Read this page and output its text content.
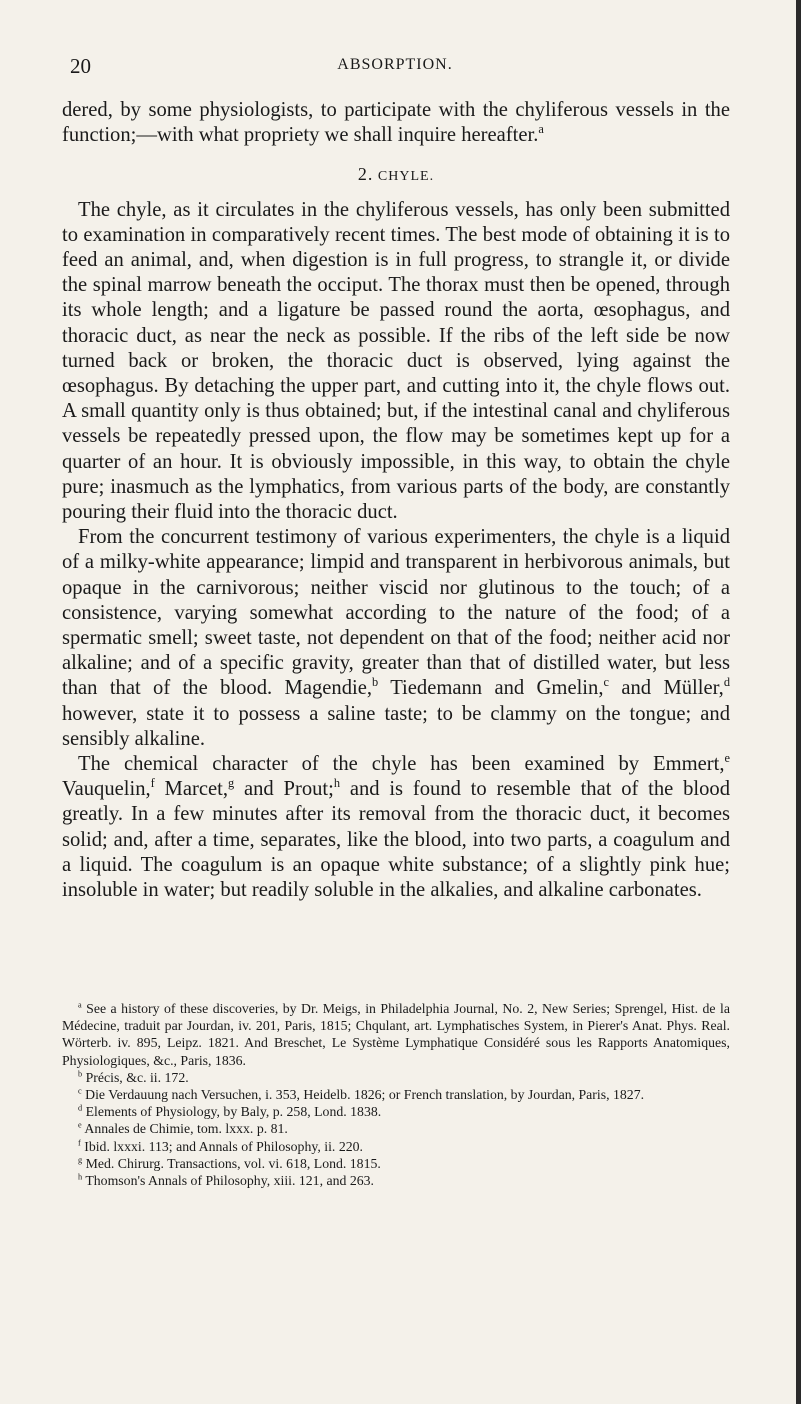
20	ABSORPTION.

dered, by some physiologists, to participate with the chyliferous vessels in the function;—with what propriety we shall inquire hereafter.$^a$

2. CHYLE.

The chyle, as it circulates in the chyliferous vessels, has only been submitted to examination in comparatively recent times. The best mode of obtaining it is to feed an animal, and, when digestion is in full progress, to strangle it, or divide the spinal marrow beneath the occiput. The thorax must then be opened, through its whole length; and a ligature be passed round the aorta, œsophagus, and thoracic duct, as near the neck as possible. If the ribs of the left side be now turned back or broken, the thoracic duct is observed, lying against the œsophagus. By detaching the upper part, and cutting into it, the chyle flows out. A small quantity only is thus obtained; but, if the intestinal canal and chyliferous vessels be repeatedly pressed upon, the flow may be sometimes kept up for a quarter of an hour. It is obviously impossible, in this way, to obtain the chyle pure; inasmuch as the lymphatics, from various parts of the body, are constantly pouring their fluid into the thoracic duct.

From the concurrent testimony of various experimenters, the chyle is a liquid of a milky-white appearance; limpid and transparent in herbivorous animals, but opaque in the carnivorous; neither viscid nor glutinous to the touch; of a consistence, varying somewhat according to the nature of the food; of a spermatic smell; sweet taste, not dependent on that of the food; neither acid nor alkaline; and of a specific gravity, greater than that of distilled water, but less than that of the blood. Magendie,$^b$ Tiedemann and Gmelin,$^c$ and Müller,$^d$ however, state it to possess a saline taste; to be clammy on the tongue; and sensibly alkaline.

The chemical character of the chyle has been examined by Emmert,$^e$ Vauquelin,$^f$ Marcet,$^g$ and Prout;$^h$ and is found to resemble that of the blood greatly. In a few minutes after its removal from the thoracic duct, it becomes solid; and, after a time, separates, like the blood, into two parts, a coagulum and a liquid. The coagulum is an opaque white substance; of a slightly pink hue; insoluble in water; but readily soluble in the alkalies, and alkaline carbonates.

$^a$ See a history of these discoveries, by Dr. Meigs, in Philadelphia Journal, No. 2, New Series; Sprengel, Hist. de la Médecine, traduit par Jourdan, iv. 201, Paris, 1815; Chqulant, art. Lymphatisches System, in Pierer's Anat. Phys. Real. Wörterb. iv. 895, Leipz. 1821. And Breschet, Le Système Lymphatique Considéré sous les Rapports Anatomiques, Physiologiques, &c., Paris, 1836.

$^b$ Précis, &c. ii. 172.

$^c$ Die Verdauung nach Versuchen, i. 353, Heidelb. 1826; or French translation, by Jourdan, Paris, 1827.

$^d$ Elements of Physiology, by Baly, p. 258, Lond. 1838.

$^e$ Annales de Chimie, tom. lxxx. p. 81.

$^f$ Ibid. lxxxi. 113; and Annals of Philosophy, ii. 220.

$^g$ Med. Chirurg. Transactions, vol. vi. 618, Lond. 1815.

$^h$ Thomson's Annals of Philosophy, xiii. 121, and 263.
